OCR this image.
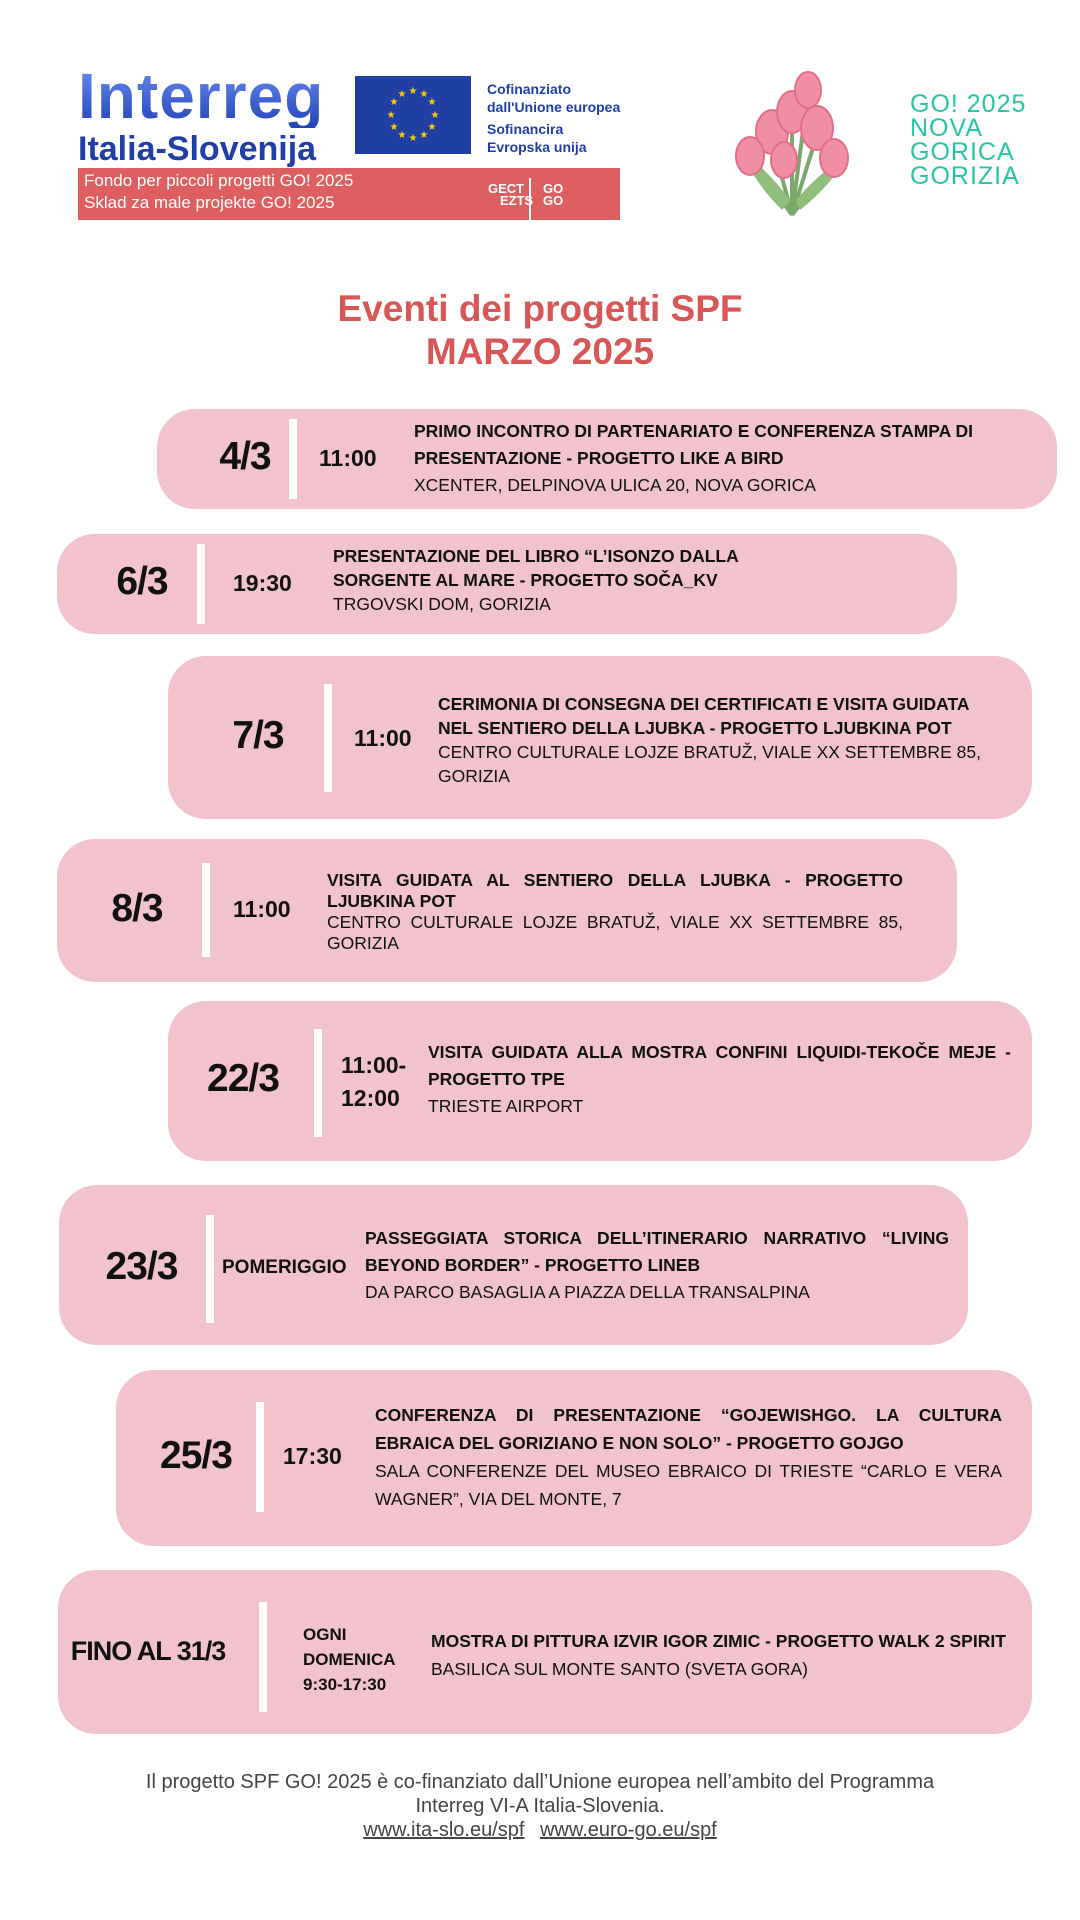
Interreg
Italia-Slovenija
★ ★
★
★
★
★
★
★
★
★
★
★	Cofinanziato
dall'Unione europea
Sofinancira
Evropska unija
Fondo per piccoli progetti GO! 2025
Sklad za male projekte GO! 2025
GECT
EZTS
GO
GO
GO! 2025
NOVA GORICA
GORIZIA
Eventi dei progetti SPF
MARZO 2025
4/3	11:00
PRIMO INCONTRO DI PARTENARIATO E CONFERENZA STAMPA DI PRESENTAZIONE - PROGETTO LIKE A BIRD
XCENTER, DELPINOVA ULICA 20, NOVA GORICA
6/3	19:30
PRESENTAZIONE DEL LIBRO “L’ISONZO DALLA SORGENTE AL MARE - PROGETTO SOČA_KV
TRGOVSKI DOM, GORIZIA
7/3	11:00
CERIMONIA DI CONSEGNA DEI CERTIFICATI E VISITA GUIDATA NEL SENTIERO DELLA LJUBKA - PROGETTO LJUBKINA POT
CENTRO CULTURALE LOJZE BRATUŽ, VIALE XX SETTEMBRE 85, GORIZIA
8/3	11:00
VISITA GUIDATA AL SENTIERO DELLA LJUBKA - PROGETTO LJUBKINA POT
CENTRO CULTURALE LOJZE BRATUŽ, VIALE XX SETTEMBRE 85, GORIZIA
22/3	11:00-12:00
VISITA GUIDATA ALLA MOSTRA CONFINI LIQUIDI-TEKOČE MEJE - PROGETTO TPE
TRIESTE AIRPORT
23/3	POMERIGGIO
PASSEGGIATA STORICA DELL’ITINERARIO NARRATIVO “LIVING BEYOND BORDER” - PROGETTO LINEB
DA PARCO BASAGLIA A PIAZZA DELLA TRANSALPINA
25/3	17:30
CONFERENZA DI PRESENTAZIONE “GOJEWISHGO. LA CULTURA EBRAICA DEL GORIZIANO E NON SOLO” - PROGETTO GOJGO
SALA CONFERENZE DEL MUSEO EBRAICO DI TRIESTE “CARLO E VERA WAGNER”, VIA DEL MONTE, 7
FINO AL 31/3
OGNI DOMENICA 9:30-17:30
MOSTRA DI PITTURA IZVIR IGOR ZIMIC - PROGETTO WALK 2 SPIRIT
BASILICA SUL MONTE SANTO (SVETA GORA)
Il progetto SPF GO! 2025 è co-finanziato dall’Unione europea nell’ambito del Programma
Interreg VI-A Italia-Slovenia.
www.ita-slo.eu/spf www.euro-go.eu/spf
